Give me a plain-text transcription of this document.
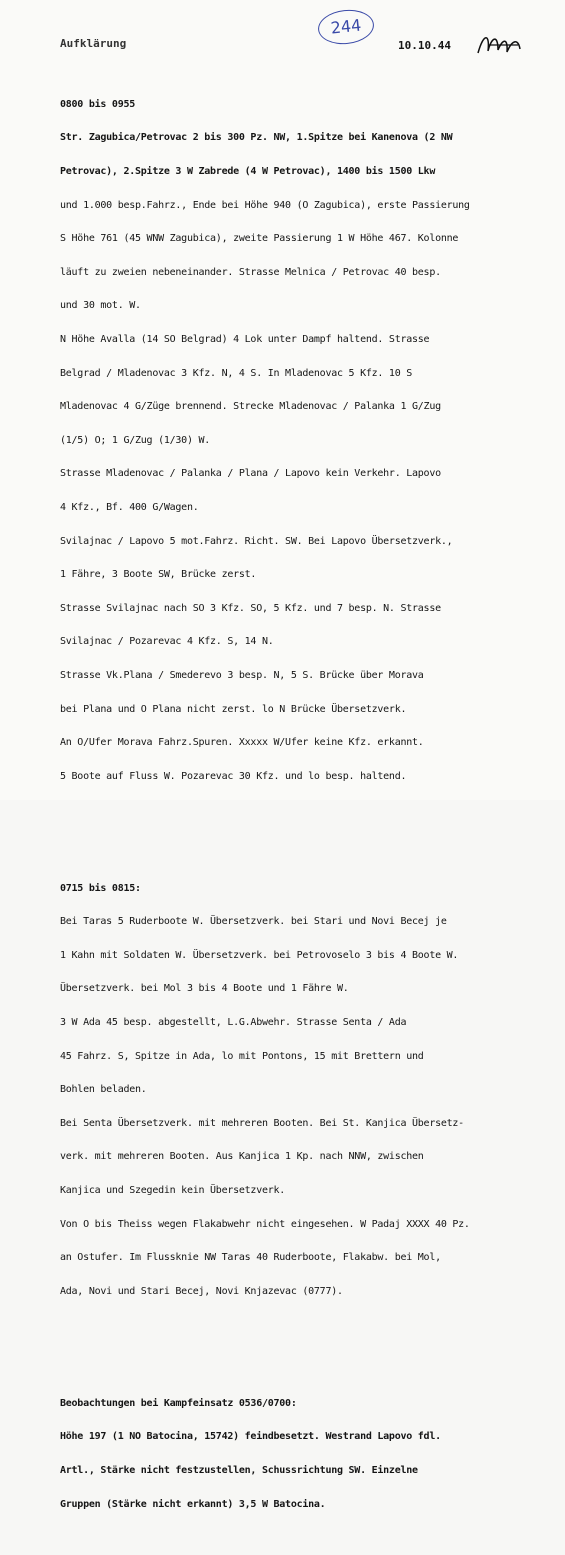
244
Aufklärung	10.10.44

0800 bis 0955

Str. Zagubica/Petrovac 2 bis 300 Pz. NW, 1.Spitze bei Kanenova (2 NW

Petrovac), 2.Spitze 3 W Zabrede (4 W Petrovac), 1400 bis 1500 Lkw

und 1.000 besp.Fahrz., Ende bei Höhe 940 (O Zagubica), erste Passierung

S Höhe 761 (45 WNW Zagubica), zweite Passierung 1 W Höhe 467. Kolonne

läuft zu zweien nebeneinander. Strasse Melnica / Petrovac 40 besp.

und 30 mot. W.

N Höhe Avalla (14 SO Belgrad) 4 Lok unter Dampf haltend. Strasse

Belgrad / Mladenovac 3 Kfz. N, 4 S. In Mladenovac 5 Kfz. 10 S

Mladenovac 4 G/Züge brennend. Strecke Mladenovac / Palanka 1 G/Zug

(1/5) O; 1 G/Zug (1/30) W.

Strasse Mladenovac / Palanka / Plana / Lapovo kein Verkehr. Lapovo

4 Kfz., Bf. 400 G/Wagen.

Svilajnac / Lapovo 5 mot.Fahrz. Richt. SW. Bei Lapovo Übersetzverk.,

1 Fähre, 3 Boote SW, Brücke zerst.

Strasse Svilajnac nach SO 3 Kfz. SO, 5 Kfz. und 7 besp. N. Strasse

Svilajnac / Pozarevac 4 Kfz. S, 14 N.

Strasse Vk.Plana / Smederevo 3 besp. N, 5 S. Brücke über Morava

bei Plana und O Plana nicht zerst. lo N Brücke Übersetzverk.

An O/Ufer Morava Fahrz.Spuren. Xxxxx W/Ufer keine Kfz. erkannt.

5 Boote auf Fluss W. Pozarevac 30 Kfz. und lo besp. haltend.

0715 bis 0815:

Bei Taras 5 Ruderboote W. Übersetzverk. bei Stari und Novi Becej je

1 Kahn mit Soldaten W. Übersetzverk. bei Petrovoselo 3 bis 4 Boote W.

Übersetzverk. bei Mol 3 bis 4 Boote und 1 Fähre W.

3 W Ada 45 besp. abgestellt, L.G.Abwehr. Strasse Senta / Ada

45 Fahrz. S, Spitze in Ada, lo mit Pontons, 15 mit Brettern und

Bohlen beladen.

Bei Senta Übersetzverk. mit mehreren Booten. Bei St. Kanjica Übersetz-

verk. mit mehreren Booten. Aus Kanjica 1 Kp. nach NNW, zwischen

Kanjica und Szegedin kein Übersetzverk.

Von O bis Theiss wegen Flakabwehr nicht eingesehen. W Padaj XXXX 40 Pz.

an Ostufer. Im Flussknie NW Taras 40 Ruderboote, Flakabw. bei Mol,

Ada, Novi und Stari Becej, Novi Knjazevac (0777).

Beobachtungen bei Kampfeinsatz 0536/0700:

Höhe 197 (1 NO Batocina, 15742) feindbesetzt. Westrand Lapovo fdl.

Artl., Stärke nicht festzustellen, Schussrichtung SW. Einzelne

Gruppen (Stärke nicht erkannt) 3,5 W Batocina.
